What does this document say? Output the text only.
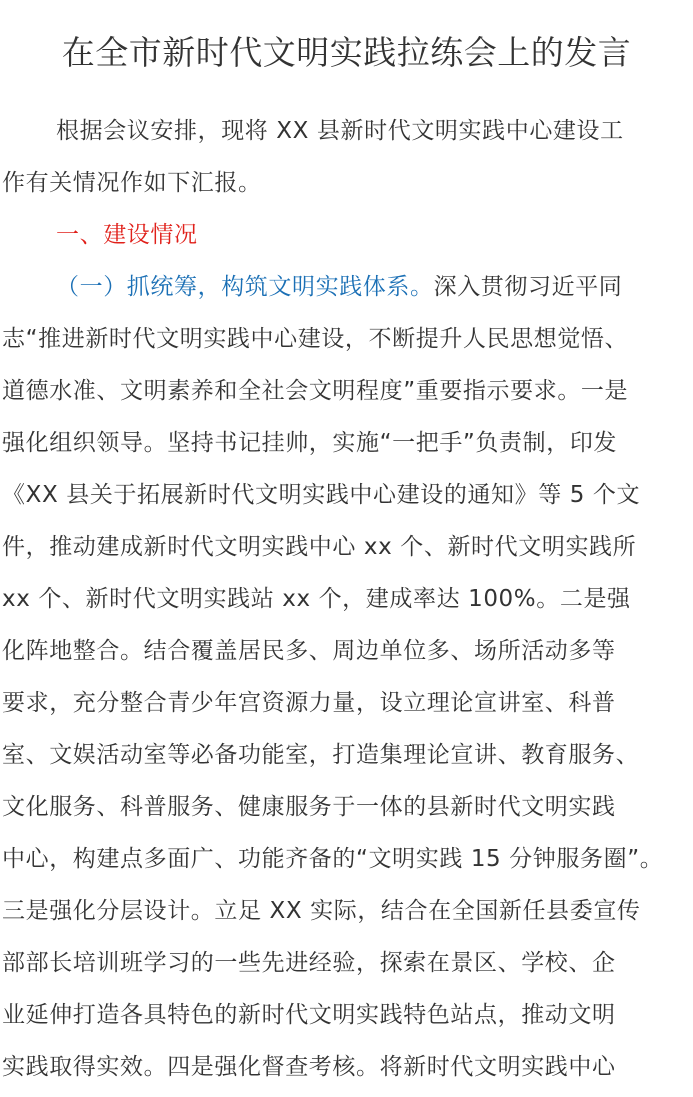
在全市新时代文明实践拉练会上的发言
根据会议安排，现将 XX 县新时代文明实践中心建设工
作有关情况作如下汇报。
一、建设情况
（一）抓统筹，构筑文明实践体系。深入贯彻习近平同
志“推进新时代文明实践中心建设，不断提升人民思想觉悟、
道德水准、文明素养和全社会文明程度”重要指示要求。一是
强化组织领导。坚持书记挂帅，实施“一把手”负责制，印发
《XX 县关于拓展新时代文明实践中心建设的通知》等 5 个文
件，推动建成新时代文明实践中心 xx 个、新时代文明实践所
xx 个、新时代文明实践站 xx 个，建成率达 100%。二是强
化阵地整合。结合覆盖居民多、周边单位多、场所活动多等
要求，充分整合青少年宫资源力量，设立理论宣讲室、科普
室、文娱活动室等必备功能室，打造集理论宣讲、教育服务、
文化服务、科普服务、健康服务于一体的县新时代文明实践
中心，构建点多面广、功能齐备的“文明实践 15 分钟服务圈”。
三是强化分层设计。立足 XX 实际，结合在全国新任县委宣传
部部长培训班学习的一些先进经验，探索在景区、学校、企
业延伸打造各具特色的新时代文明实践特色站点，推动文明
实践取得实效。四是强化督查考核。将新时代文明实践中心
